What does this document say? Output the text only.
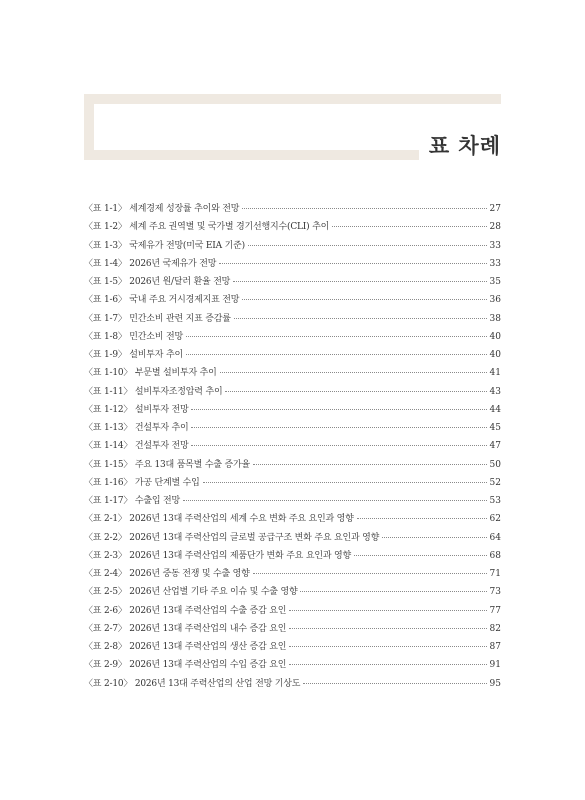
표 차례
〈표 1-1〉 세계경제 성장률 추이와 전망	27
〈표 1-2〉 세계 주요 권역별 및 국가별 경기선행지수(CLI) 추이	28
〈표 1-3〉 국제유가 전망(미국 EIA 기준)	33
〈표 1-4〉 2026년 국제유가 전망	33
〈표 1-5〉 2026년 원/달러 환율 전망	35
〈표 1-6〉 국내 주요 거시경제지표 전망	36
〈표 1-7〉 민간소비 관련 지표 증감률	38
〈표 1-8〉 민간소비 전망	40
〈표 1-9〉 설비투자 추이	40
〈표 1-10〉 부문별 설비투자 추이	41
〈표 1-11〉 설비투자조정압력 추이	43
〈표 1-12〉 설비투자 전망	44
〈표 1-13〉 건설투자 추이	45
〈표 1-14〉 건설투자 전망	47
〈표 1-15〉 주요 13대 품목별 수출 증가율	50
〈표 1-16〉 가공 단계별 수입	52
〈표 1-17〉 수출입 전망	53
〈표 2-1〉 2026년 13대 주력산업의 세계 수요 변화 주요 요인과 영향	62
〈표 2-2〉 2026년 13대 주력산업의 글로벌 공급구조 변화 주요 요인과 영향	64
〈표 2-3〉 2026년 13대 주력산업의 제품단가 변화 주요 요인과 영향	68
〈표 2-4〉 2026년 중동 전쟁 및 수출 영향	71
〈표 2-5〉 2026년 산업별 기타 주요 이슈 및 수출 영향	73
〈표 2-6〉 2026년 13대 주력산업의 수출 증감 요인	77
〈표 2-7〉 2026년 13대 주력산업의 내수 증감 요인	82
〈표 2-8〉 2026년 13대 주력산업의 생산 증감 요인	87
〈표 2-9〉 2026년 13대 주력산업의 수입 증감 요인	91
〈표 2-10〉 2026년 13대 주력산업의 산업 전망 기상도	95
